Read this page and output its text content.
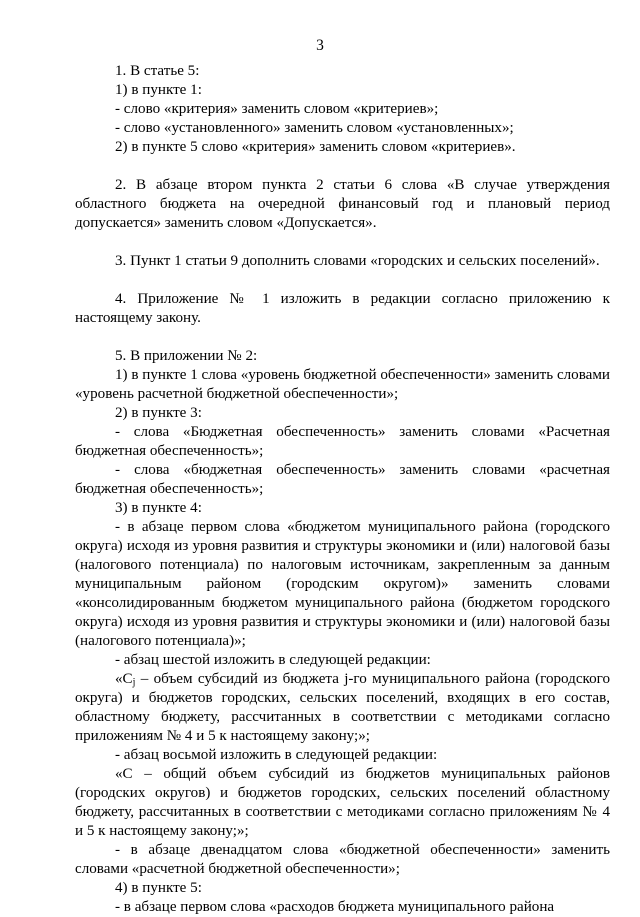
3

1. В статье 5:

1) в пункте 1:

- слово «критерия» заменить словом «критериев»;

- слово «установленного» заменить словом «установленных»;

2) в пункте 5 слово «критерия» заменить словом «критериев».

2. В абзаце втором пункта 2 статьи 6 слова «В случае утверждения областного бюджета на очередной финансовый год и плановый период допускается» заменить словом «Допускается».

3. Пункт 1 статьи 9 дополнить словами «городских и сельских поселений».

4. Приложение № 1 изложить в редакции согласно приложению к настоящему закону.

5. В приложении № 2:

1) в пункте 1 слова «уровень бюджетной обеспеченности» заменить словами «уровень расчетной бюджетной обеспеченности»;

2) в пункте 3:

- слова «Бюджетная обеспеченность» заменить словами «Расчетная бюджетная обеспеченность»;

- слова «бюджетная обеспеченность» заменить словами «расчетная бюджетная обеспеченность»;

3) в пункте 4:

- в абзаце первом слова «бюджетом муниципального района (городского округа) исходя из уровня развития и структуры экономики и (или) налоговой базы (налогового потенциала) по налоговым источникам, закрепленным за данным муниципальным районом (городским округом)» заменить словами «консолидированным бюджетом муниципального района (бюджетом городского округа) исходя из уровня развития и структуры экономики и (или) налоговой базы (налогового потенциала)»;

- абзац шестой изложить в следующей редакции:

«$C_j$ – объем субсидий из бюджета j-го муниципального района (городского округа) и бюджетов городских, сельских поселений, входящих в его состав, областному бюджету, рассчитанных в соответствии с методиками согласно приложениям № 4 и 5 к настоящему закону;»;

- абзац восьмой изложить в следующей редакции:

«С – общий объем субсидий из бюджетов муниципальных районов (городских округов) и бюджетов городских, сельских поселений областному бюджету, рассчитанных в соответствии с методиками согласно приложениям № 4 и 5 к настоящему закону;»;

- в абзаце двенадцатом слова «бюджетной обеспеченности» заменить словами «расчетной бюджетной обеспеченности»;

4) в пункте 5:

- в абзаце первом слова «расходов бюджета муниципального района
